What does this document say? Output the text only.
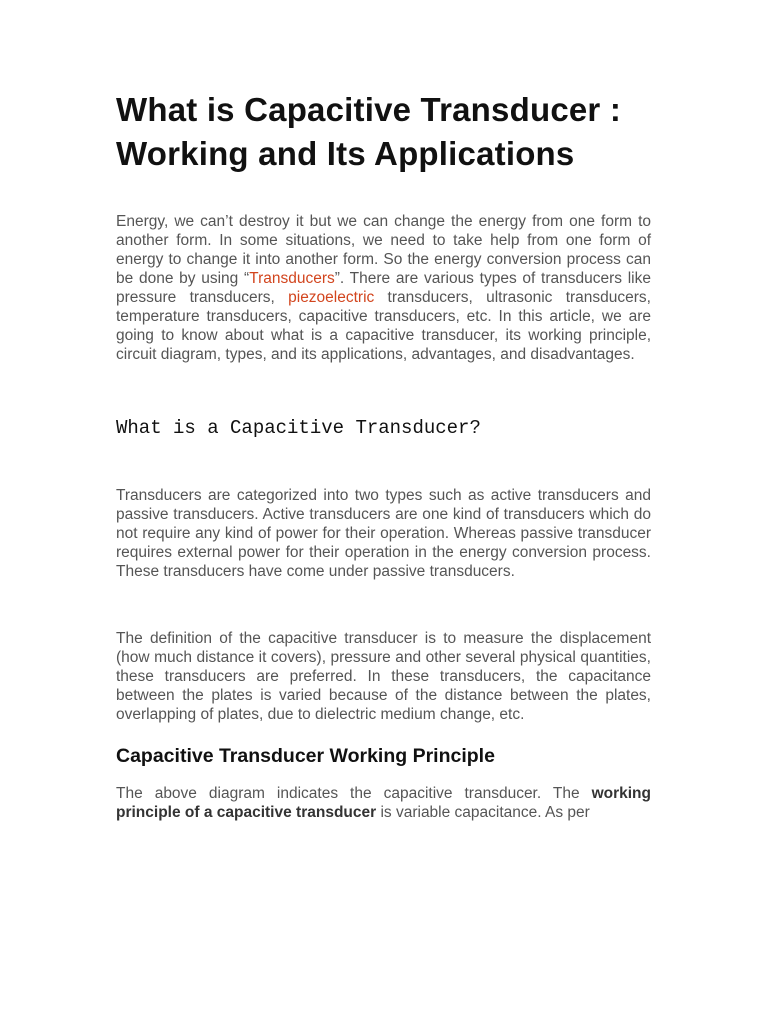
What is Capacitive Transducer : Working and Its Applications

Energy, we can’t destroy it but we can change the energy from one form to another form. In some situations, we need to take help from one form of energy to change it into another form. So the energy conversion process can be done by using “Transducers”. There are various types of transducers like pressure transducers, piezoelectric transducers, ultrasonic transducers, temperature transducers, capacitive transducers, etc. In this article, we are going to know about what is a capacitive transducer, its working principle, circuit diagram, types, and its applications, advantages, and disadvantages.

What is a Capacitive Transducer?

Transducers are categorized into two types such as active transducers and passive transducers. Active transducers are one kind of transducers which do not require any kind of power for their operation. Whereas passive transducer requires external power for their operation in the energy conversion process. These transducers have come under passive transducers.

The definition of the capacitive transducer is to measure the displacement (how much distance it covers), pressure and other several physical quantities, these transducers are preferred. In these transducers, the capacitance between the plates is varied because of the distance between the plates, overlapping of plates, due to dielectric medium change, etc.

Capacitive Transducer Working Principle

The above diagram indicates the capacitive transducer. The working principle of a capacitive transducer is variable capacitance. As per
